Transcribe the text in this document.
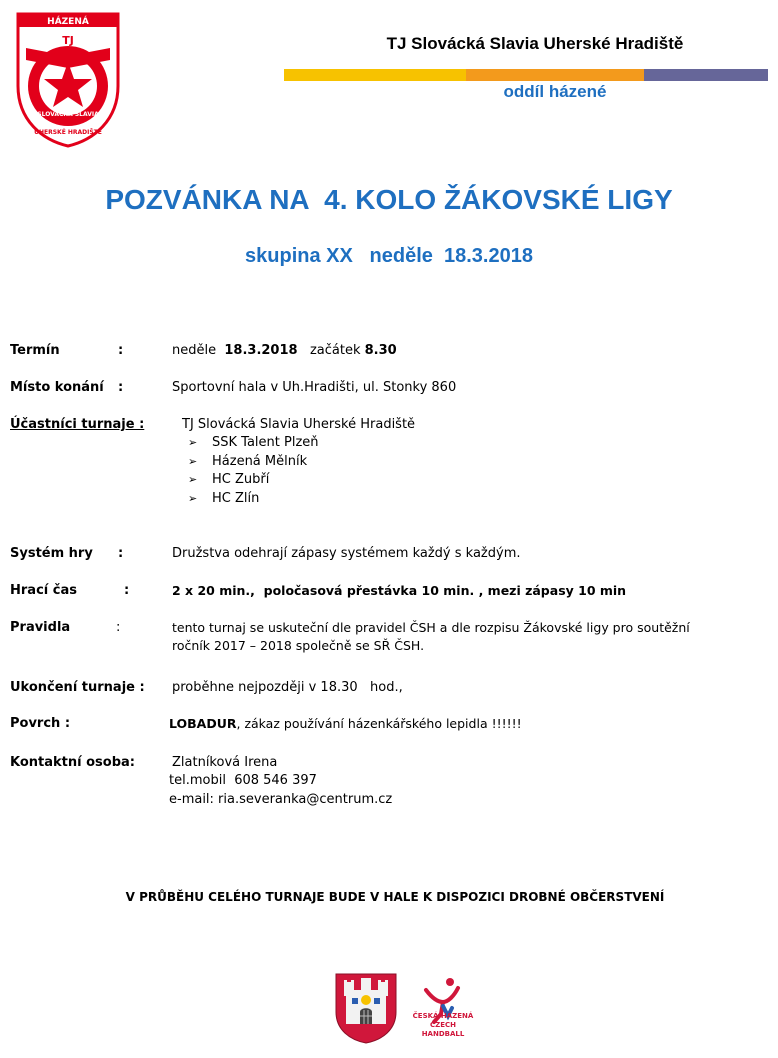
HÁZENÁ
TJ
SLOVÁCKÁ SLAVIA
UHERSKÉ HRADIŠTĚ
TJ Slovácká Slavia Uherské Hradiště
oddíl házené
POZVÁNKA NA  4. KOLO ŽÁKOVSKÉ LIGY
skupina XX   neděle  18.3.2018
Termín	:	neděle  18.3.2018   začátek 8.30
Místo konání :	Sportovní hala v Uh.Hradišti, ul. Stonky 860
Účastníci turnaje :	TJ Slovácká Slavia Uherské Hradiště
➢ SSK Talent Plzeň
➢ Házená Mělník
➢ HC Zubří
➢ HC Zlín
Systém hry :	Družstva odehrají zápasy systémem každý s každým.
Hrací čas	:	2 x 20 min.,  poločasová přestávka 10 min. , mezi zápasy 10 min
Pravidla	:	tento turnaj se uskuteční dle pravidel ČSH a dle rozpisu Žákovské ligy pro soutěžní
ročník 2017 – 2018 společně se SŘ ČSH.
Ukončení turnaje : proběhne nejpozději v 18.30   hod.,
Povrch :	LOBADUR, zákaz používání házenkářského lepidla !!!!!!
Kontaktní osoba:	Zlatníková Irena
tel.mobil  608 546 397
e-mail: ria.severanka@centrum.cz
V PRŮBĚHU CELÉHO TURNAJE BUDE V HALE K DISPOZICI DROBNÉ OBČERSTVENÍ
ČESKÁ HÁZENÁ
CZECH HANDBALL
